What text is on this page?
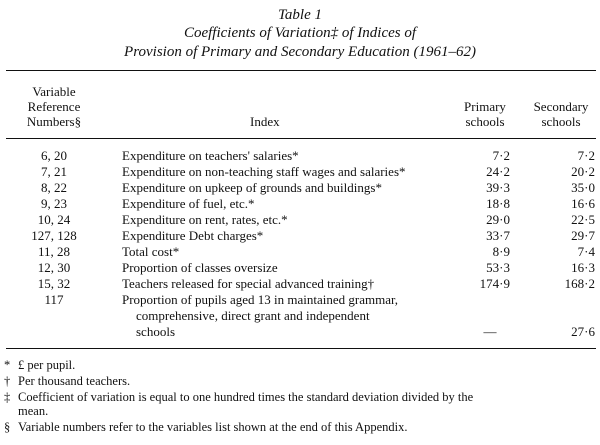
Table 1
Coefficients of Variation‡ of Indices of
Provision of Primary and Secondary Education (1961–62)
Variable
Reference
Numbers§	Index
Primary
schools
Secondary
schools
6, 20	Expenditure on teachers' salaries*	7·2	7·2
7, 21	Expenditure on non-teaching staff wages and salaries*	24·2	20·2
8, 22	Expenditure on upkeep of grounds and buildings*	39·3	35·0
9, 23	Expenditure of fuel, etc.*	18·8	16·6
10, 24	Expenditure on rent, rates, etc.*	29·0	22·5
127, 128	Expenditure Debt charges*	33·7	29·7
11, 28	Total cost*	8·9	7·4
12, 30	Proportion of classes oversize	53·3	16·3
15, 32	Teachers released for special advanced training†	174·9	168·2
117	Proportion of pupils aged 13 in maintained grammar,
comprehensive, direct grant and independent
schools	—	27·6
* £ per pupil.
† Per thousand teachers.
‡ Coefficient of variation is equal to one hundred times the standard deviation divided by the
mean.
§ Variable numbers refer to the variables list shown at the end of this Appendix.
